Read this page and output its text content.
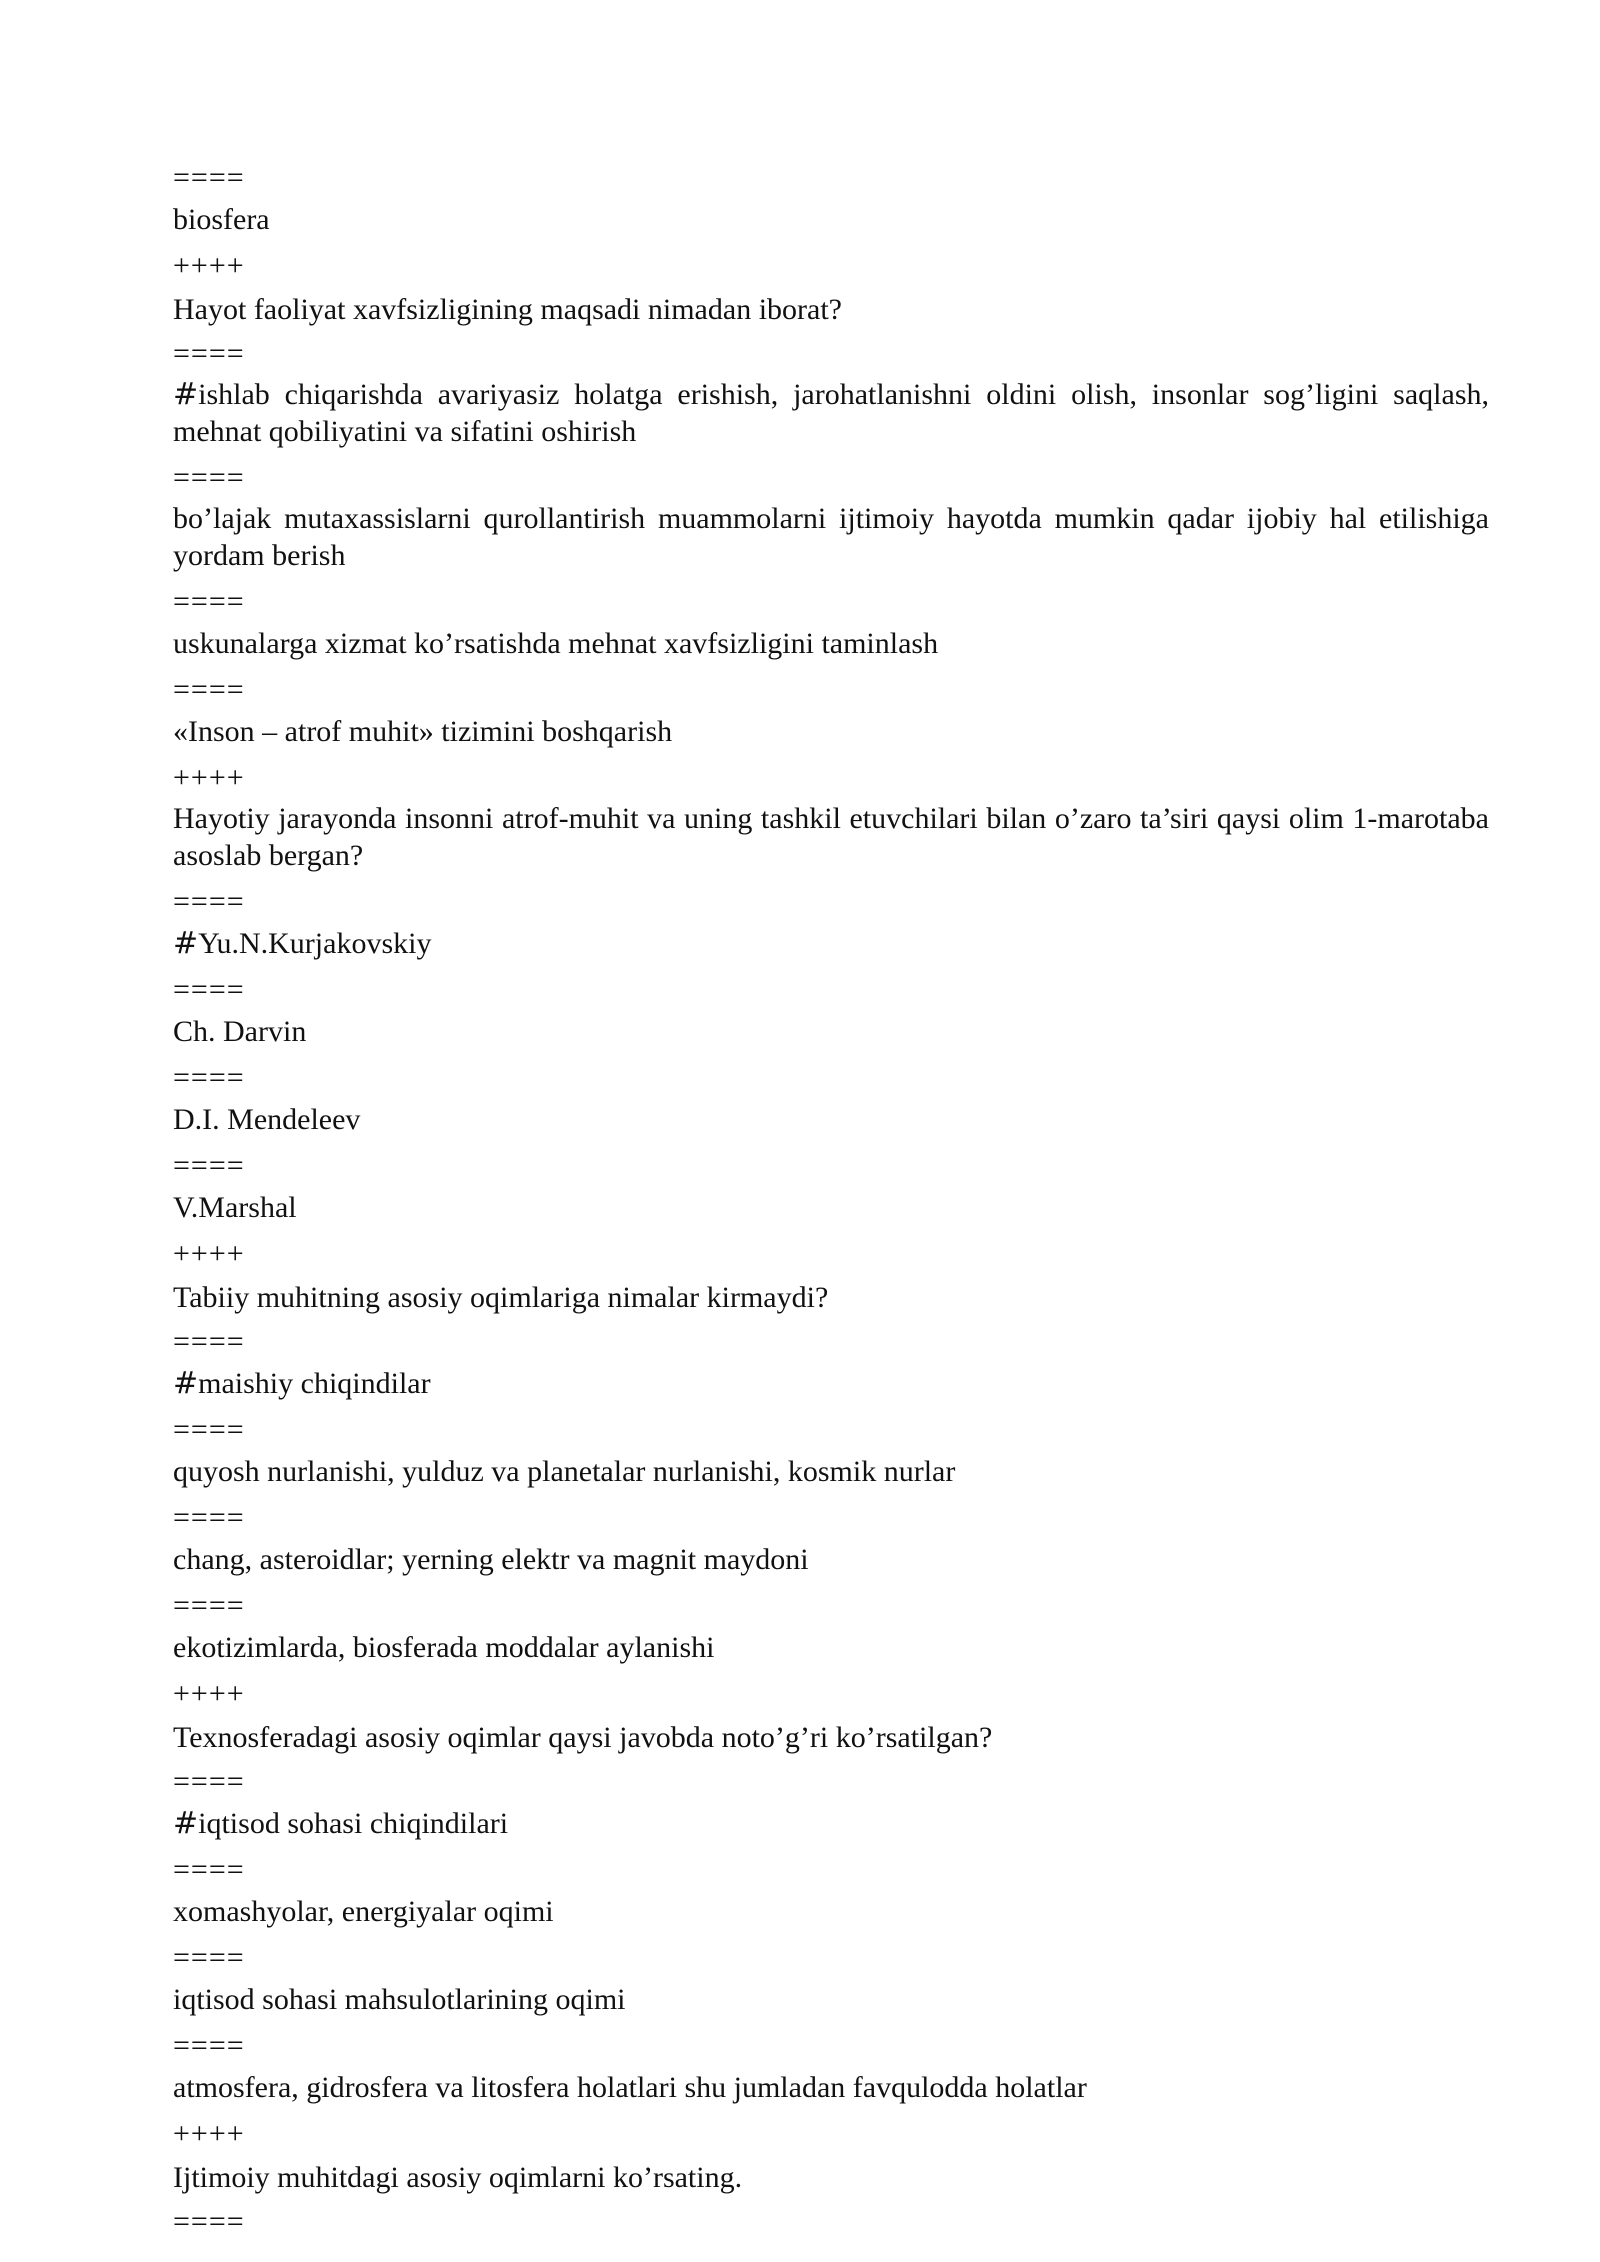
====

biosfera

++++

Hayot faoliyat xavfsizligining maqsadi nimadan iborat?

====

#ishlab chiqarishda avariyasiz holatga erishish, jarohatlanishni oldini olish, insonlar sog’ligini saqlash, mehnat qobiliyatini va sifatini oshirish

====

bo’lajak mutaxassislarni qurollantirish muammolarni ijtimoiy hayotda mumkin qadar ijobiy hal etilishiga yordam berish

====

uskunalarga xizmat ko’rsatishda mehnat xavfsizligini taminlash

====

«Inson – atrof muhit» tizimini boshqarish

++++

Hayotiy jarayonda insonni atrof-muhit va uning tashkil etuvchilari bilan o’zaro ta’siri qaysi olim 1-marotaba asoslab bergan?

====

#Yu.N.Kurjakovskiy

====

Ch. Darvin

====

D.I. Mendeleev

====

V.Marshal

++++

Tabiiy muhitning asosiy oqimlariga nimalar kirmaydi?

====

#maishiy chiqindilar

====

quyosh nurlanishi, yulduz va planetalar nurlanishi, kosmik nurlar

====

chang, asteroidlar; yerning elektr va magnit maydoni

====

ekotizimlarda, biosferada moddalar aylanishi

++++

Texnosferadagi asosiy oqimlar qaysi javobda noto’g’ri ko’rsatilgan?

====

#iqtisod sohasi chiqindilari

====

xomashyolar, energiyalar oqimi

====

iqtisod sohasi mahsulotlarining oqimi

====

atmosfera, gidrosfera va litosfera holatlari shu jumladan favqulodda holatlar

++++

Ijtimoiy muhitdagi asosiy oqimlarni ko’rsating.

====
